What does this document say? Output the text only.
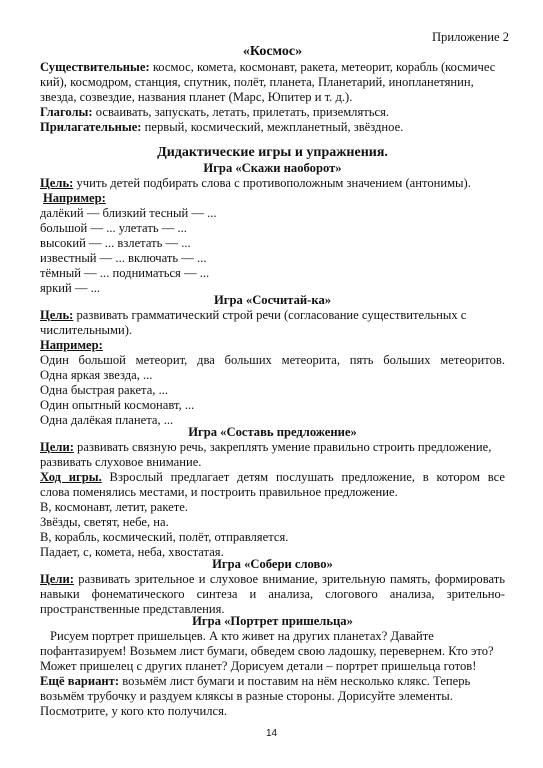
Приложение 2
«Космос»
Существительные: космос, комета, космонавт, ракета, метеорит, корабль (космичес
кий), космодром, станция, спутник, полёт, планета, Планетарий, инопланетянин,
звезда, созвездие, названия планет (Марс, Юпитер и т. д.).
Глаголы: осваивать, запускать, летать, прилетать, приземляться.
Прилагательные: первый, космический, межпланетный, звёздное.
Дидактические игры и упражнения.
Игра «Скажи наоборот»
Цель: учить детей подбирать слова с противоположным значением (антонимы).
Например:
далёкий — близкий тесный — ...
большой — ... улетать — ...
высокий — ... взлетать — ...
известный — ... включать — ...
тёмный — ... подниматься — ...
яркий — ...
Игра «Сосчитай-ка»
Цель: развивать грамматический строй речи (согласование существительных с
числительными).
Например:
Один большой метеорит, два больших метеорита, пять больших метеоритов.
Одна яркая звезда, ...
Одна быстрая ракета, ...
Один опытный космонавт, ...
Одна далёкая планета, ...
Игра «Составь предложение»
Цели: развивать связную речь, закреплять умение правильно строить предложение,
развивать слуховое внимание.
Ход игры. Взрослый предлагает детям послушать предложение, в котором все
слова поменялись местами, и построить правильное предложение.
В, космонавт, летит, ракете.
Звёзды, светят, небе, на.
В, корабль, космический, полёт, отправляется.
Падает, с, комета, неба, хвостатая.
Игра «Собери слово»
Цели: развивать зрительное и слуховое внимание, зрительную память, формировать
навыки фонематического синтеза и анализа, слогового анализа, зрительно-
пространственные представления.
Игра «Портрет пришельца»
Рисуем портрет пришельцев. А кто живет на других планетах? Давайте
пофантазируем! Возьмем лист бумаги, обведем свою ладошку, перевернем. Кто это?
Может пришелец с других планет? Дорисуем детали – портрет пришельца готов!
Ещё вариант: возьмём лист бумаги и поставим на нём несколько клякс. Теперь
возьмём трубочку и раздуем кляксы в разные стороны. Дорисуйте элементы.
Посмотрите, у кого кто получился.
14
